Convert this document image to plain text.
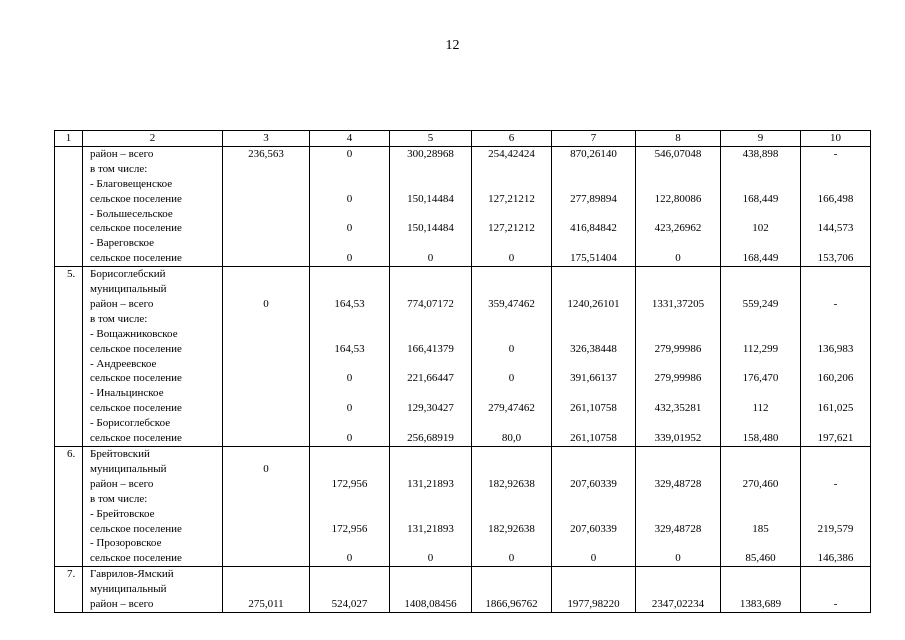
12
1	2	3	4	5	6	7	8	9	10
	район – всего	236,563	0	300,28968	254,42424	870,26140	546,07048	438,898	-
	в том числе:								
	- Благовещенское								
	сельское поселение		0	150,14484	127,21212	277,89894	122,80086	168,449	166,498
	- Большесельское								
	сельское поселение		0	150,14484	127,21212	416,84842	423,26962	102	144,573
	- Вареговское								
	сельское поселение		0	0	0	175,51404	0	168,449	153,706
5.	Борисоглебский								
	муниципальный								
	район – всего	0	164,53	774,07172	359,47462	1240,26101	1331,37205	559,249	-
	в том числе:								
	- Вощажниковское								
	сельское поселение		164,53	166,41379	0	326,38448	279,99986	112,299	136,983
	- Андреевское								
	сельское поселение		0	221,66447	0	391,66137	279,99986	176,470	160,206
	- Инальцинское								
	сельское поселение		0	129,30427	279,47462	261,10758	432,35281	112	161,025
	- Борисоглебское								
	сельское поселение		0	256,68919	80,0	261,10758	339,01952	158,480	197,621
6.	Брейтовский								
	муниципальный	0							
	район – всего		172,956	131,21893	182,92638	207,60339	329,48728	270,460	-
	в том числе:								
	- Брейтовское								
	сельское поселение		172,956	131,21893	182,92638	207,60339	329,48728	185	219,579
	- Прозоровское								
	сельское поселение		0	0	0	0	0	85,460	146,386
7.	Гаврилов-Ямский								
	муниципальный								
	район – всего	275,011	524,027	1408,08456	1866,96762	1977,98220	2347,02234	1383,689	-
